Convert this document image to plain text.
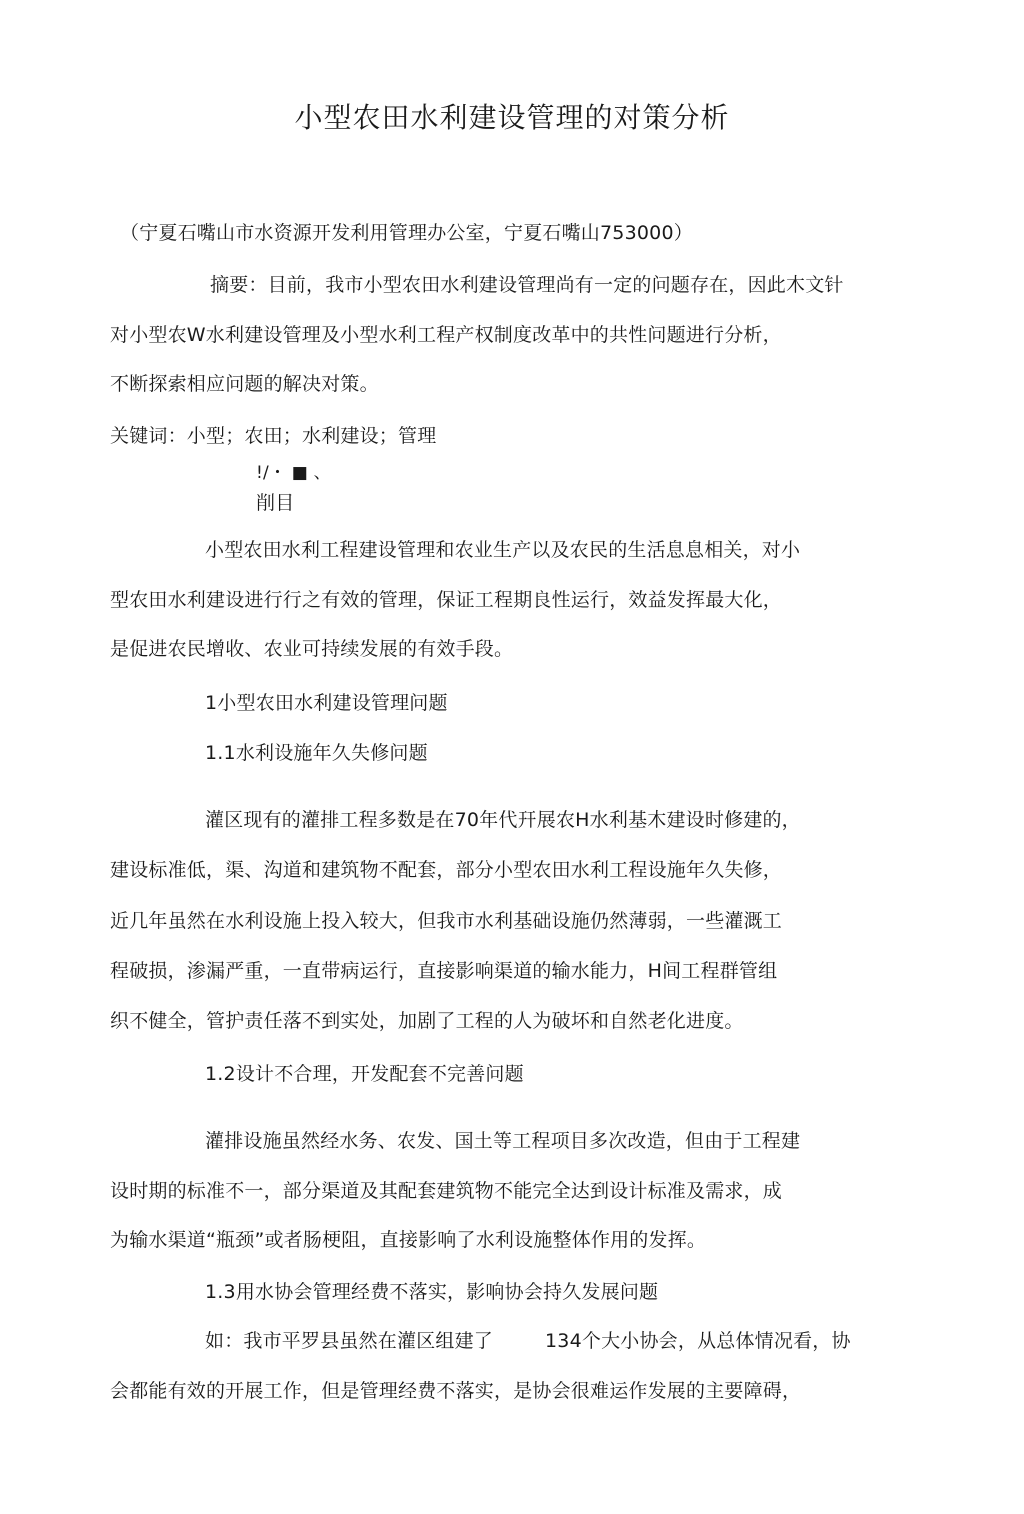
小型农田水利建设管理的对策分析
（宁夏石嘴山市水资源开发利用管理办公室，宁夏石嘴山753000）
摘要：目前，我市小型农田水利建设管理尚有一定的问题存在，因此木文针
对小型农W水利建设管理及小型水利工程产权制度改革中的共性问题进行分析，
不断探索相应问题的解决对策。
关键词：小型；农田；水利建设；管理
!/・ ■ 、
削目
小型农田水利工程建设管理和农业生产以及农民的生活息息相关，对小
型农田水利建设进行行之有效的管理，保证工程期良性运行，效益发挥最大化，
是促进农民增收、农业可持续发展的有效手段。
1小型农田水利建设管理问题
1.1水利设施年久失修问题
灌区现有的灌排工程多数是在70年代幵展农H水利基木建设时修建的，
建设标准低，渠、沟道和建筑物不配套，部分小型农田水利工程设施年久失修，
近几年虽然在水利设施上投入较大，但我市水利基础设施仍然薄弱，一些灌溉工
程破损，渗漏严重，一直带病运行，直接影响渠道的输水能力，H间工程群管组
织不健全，管护责任落不到实处，加剧了工程的人为破坏和自然老化进度。
1.2设计不合理，开发配套不完善问题
灌排设施虽然经水务、农发、国土等工程项目多次改造，但由于工程建
设时期的标准不一，部分渠道及其配套建筑物不能完全达到设计标准及需求，成
为输水渠道“瓶颈”或者肠梗阻，直接影响了水利设施整体作用的发挥。
1.3用水协会管理经费不落实，影响协会持久发展问题
如：我市平罗县虽然在灌区组建了	134个大小协会，从总体情况看，协
会都能有效的开展工作，但是管理经费不落实，是协会很难运作发展的主要障碍，
